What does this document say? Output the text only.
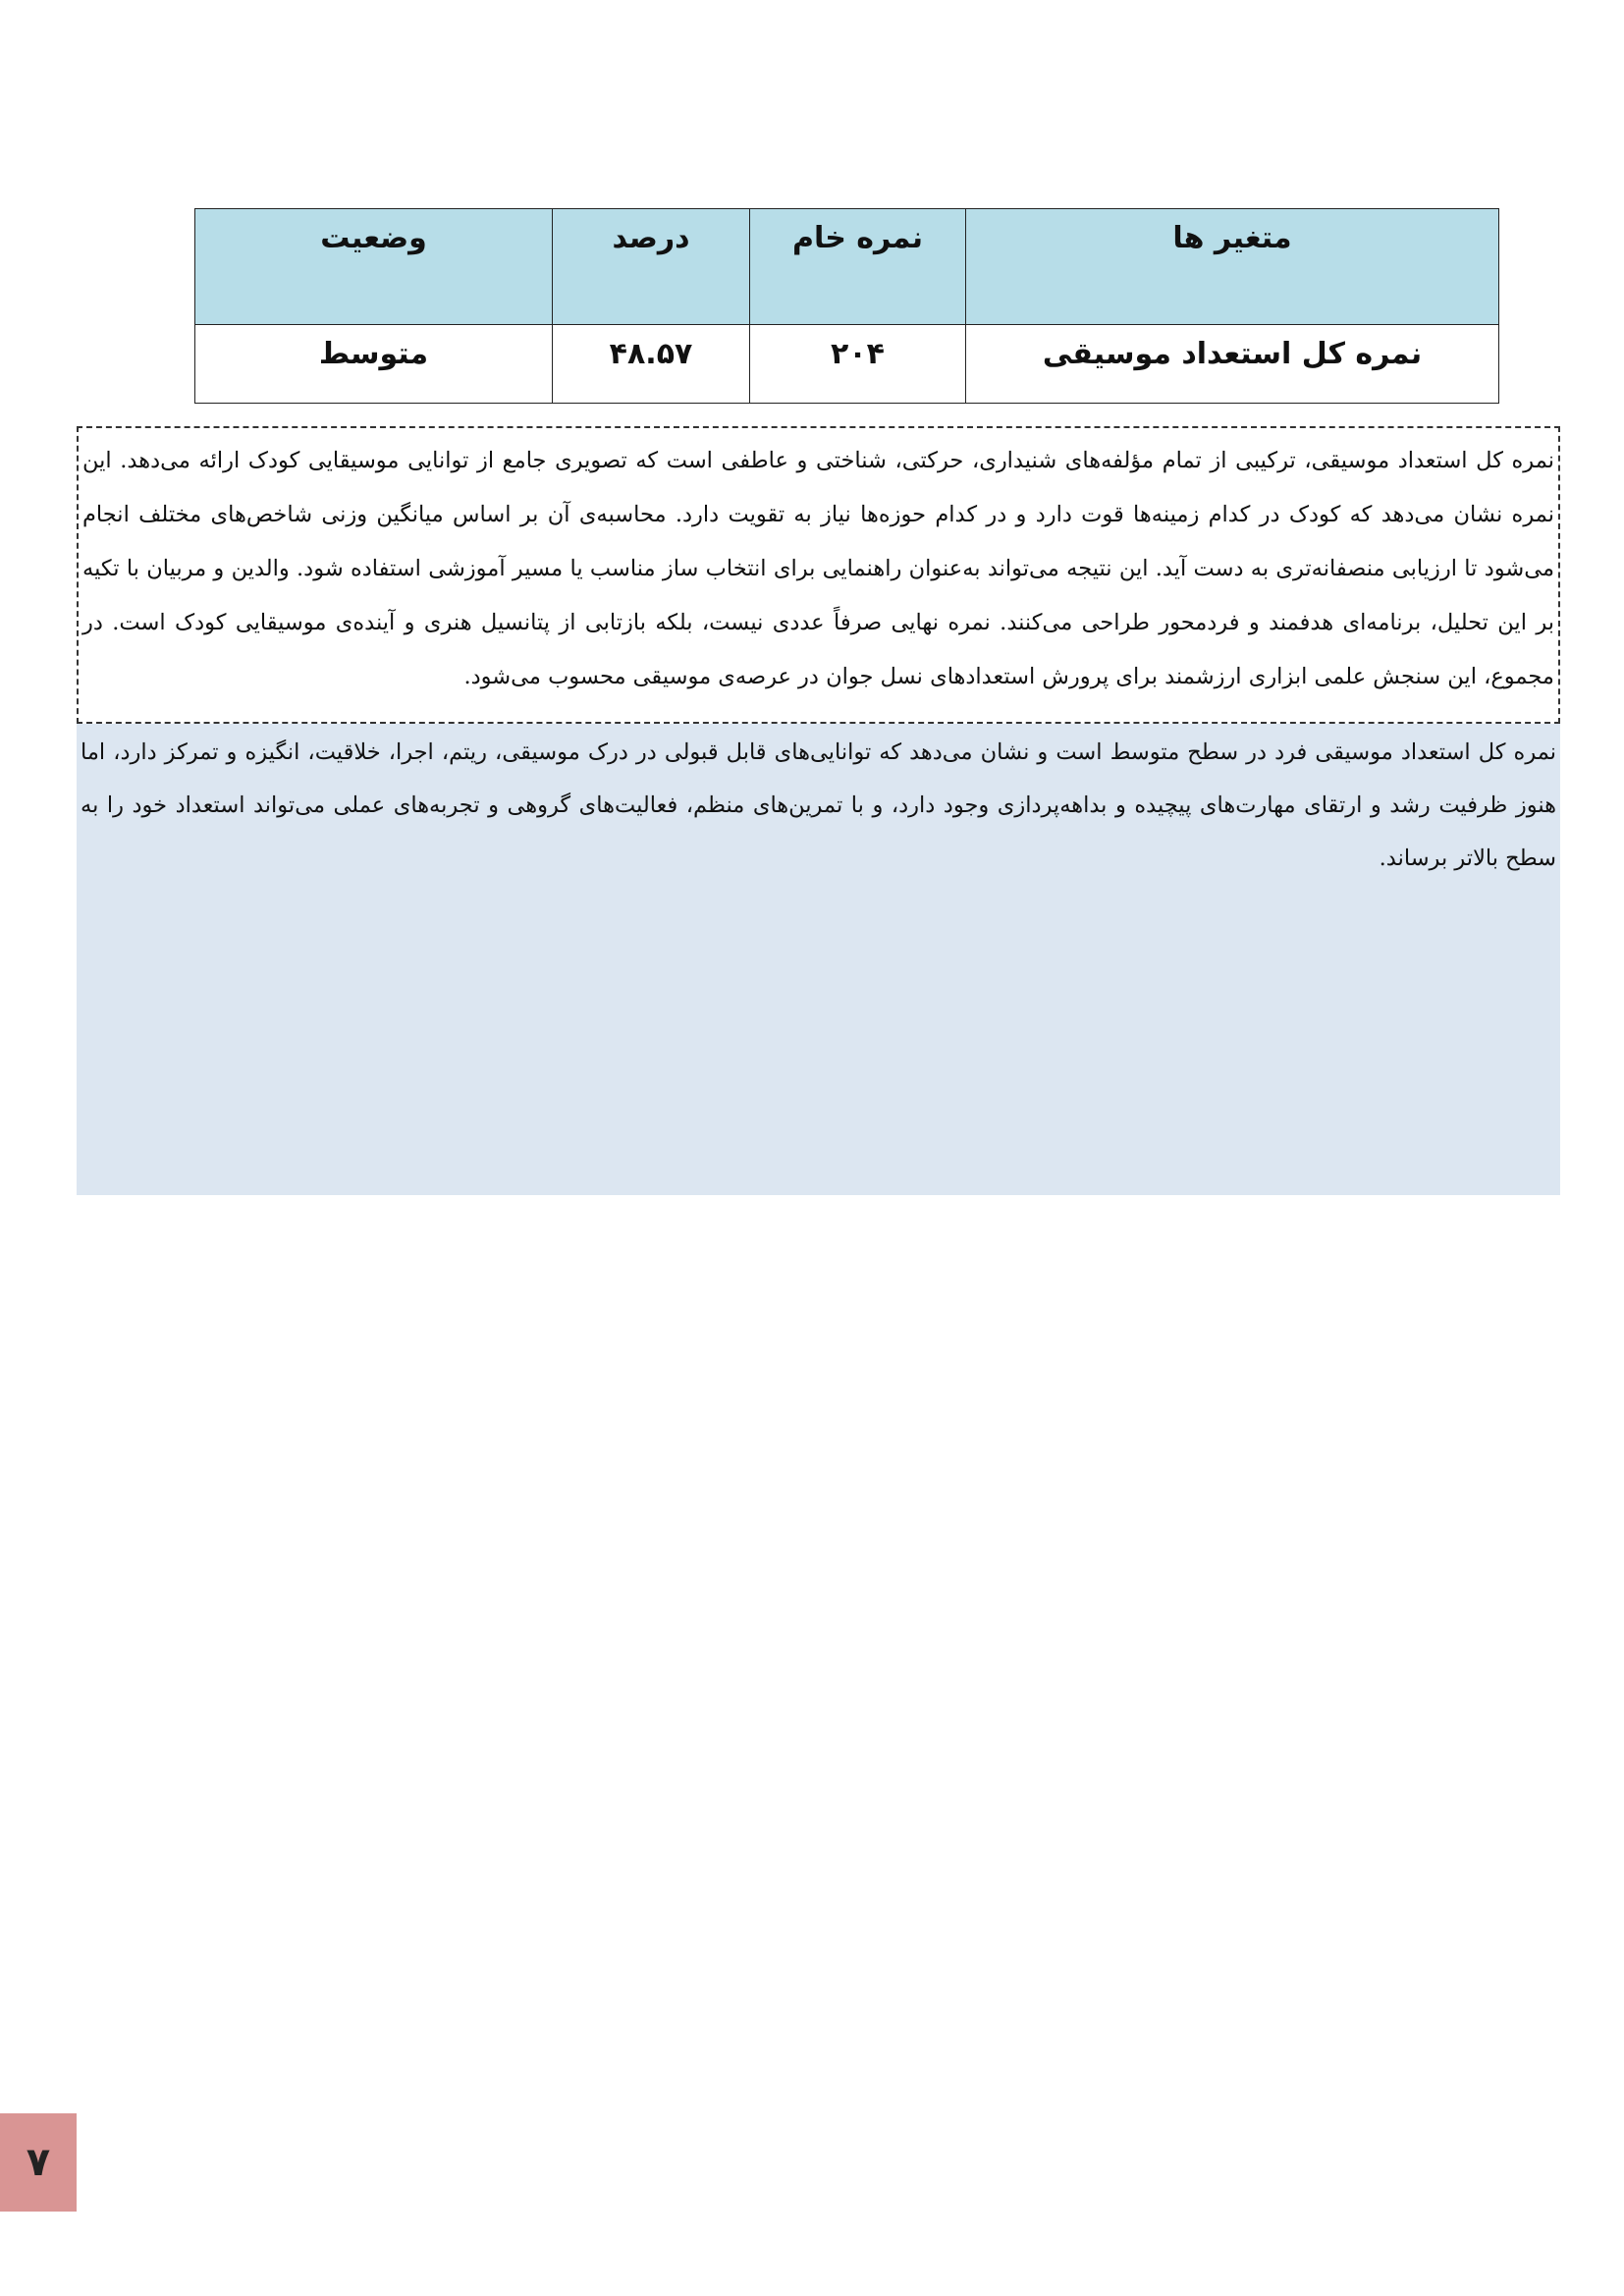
متغیر ها	نمره خام	درصد	وضعیت
نمره کل استعداد موسیقی	۲۰۴	۴۸.۵۷	متوسط

نمره کل استعداد موسیقی، ترکیبی از تمام مؤلفه‌های شنیداری، حرکتی، شناختی و عاطفی است که تصویری جامع از توانایی موسیقایی کودک ارائه می‌دهد. این نمره نشان می‌دهد که کودک در کدام زمینه‌ها قوت دارد و در کدام حوزه‌ها نیاز به تقویت دارد. محاسبه‌ی آن بر اساس میانگین وزنی شاخص‌های مختلف انجام می‌شود تا ارزیابی منصفانه‌تری به دست آید. این نتیجه می‌تواند به‌عنوان راهنمایی برای انتخاب ساز مناسب یا مسیر آموزشی استفاده شود. والدین و مربیان با تکیه بر این تحلیل، برنامه‌ای هدفمند و فردمحور طراحی می‌کنند. نمره نهایی صرفاً عددی نیست، بلکه بازتابی از پتانسیل هنری و آینده‌ی موسیقایی کودک است. در مجموع، این سنجش علمی ابزاری ارزشمند برای پرورش استعدادهای نسل جوان در عرصه‌ی موسیقی محسوب می‌شود.

نمره کل استعداد موسیقی فرد در سطح متوسط است و نشان می‌دهد که توانایی‌های قابل قبولی در درک موسیقی، ریتم، اجرا، خلاقیت، انگیزه و تمرکز دارد، اما هنوز ظرفیت رشد و ارتقای مهارت‌های پیچیده و بداهه‌پردازی وجود دارد، و با تمرین‌های منظم، فعالیت‌های گروهی و تجربه‌های عملی می‌تواند استعداد خود را به سطح بالاتر برساند.

۷
